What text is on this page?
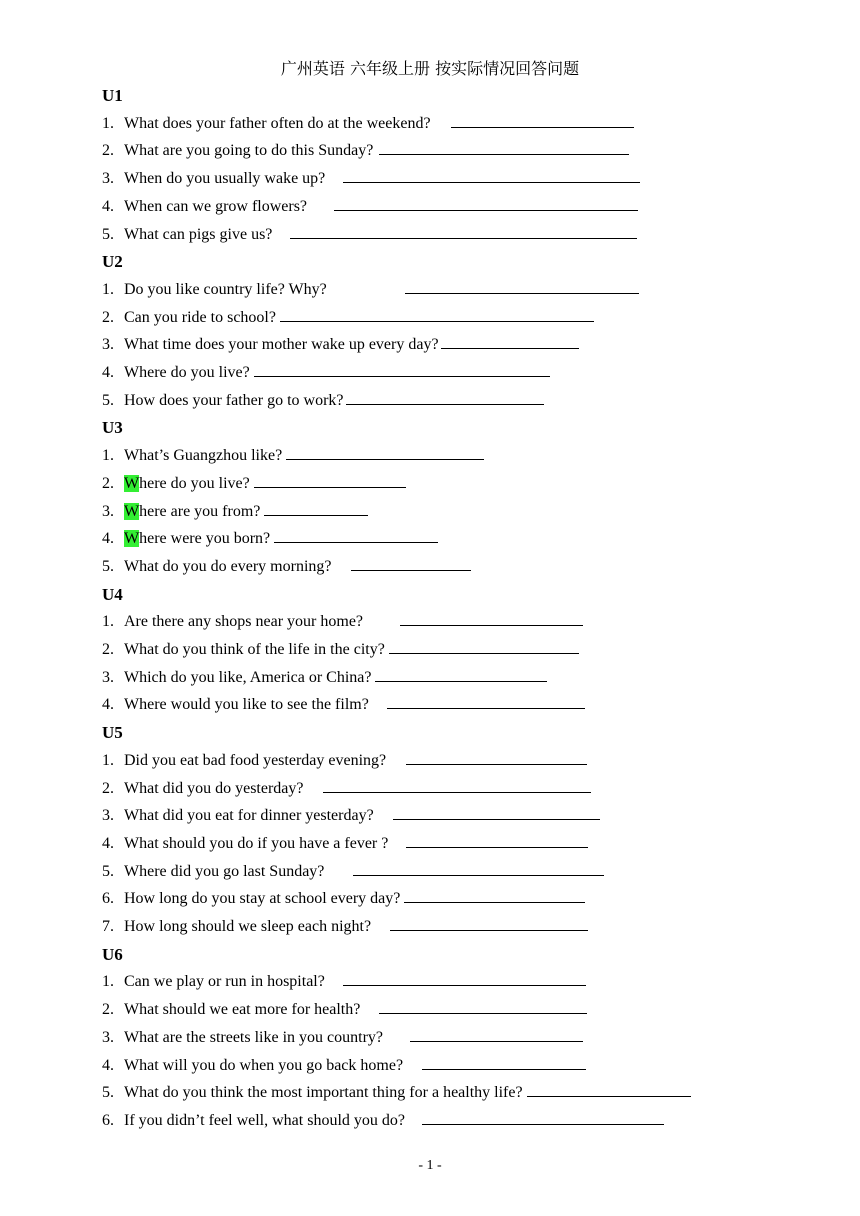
广州英语 六年级上册 按实际情况回答问题
U1
1. What does your father often do at the weekend?
2. What are you going to do this Sunday?
3. When do you usually wake up?
4. When can we grow flowers?
5. What can pigs give us?
U2
1. Do you like country life? Why?
2. Can you ride to school?
3. What time does your mother wake up every day?
4. Where do you live?
5. How does your father go to work?
U3
1. What’s Guangzhou like?
2. Where do you live?
3. Where are you from?
4. Where were you born?
5. What do you do every morning?
U4
1. Are there any shops near your home?
2. What do you think of the life in the city?
3. Which do you like, America or China?
4. Where would you like to see the film?
U5
1. Did you eat bad food yesterday evening?
2. What did you do yesterday?
3. What did you eat for dinner yesterday?
4. What should you do if you have a fever ?
5. Where did you go last Sunday?
6. How long do you stay at school every day?
7. How long should we sleep each night?
U6
1. Can we play or run in hospital?
2. What should we eat more for health?
3. What are the streets like in you country?
4. What will you do when you go back home?
5. What do you think the most important thing for a healthy life?
6. If you didn’t feel well, what should you do?
- 1 -
